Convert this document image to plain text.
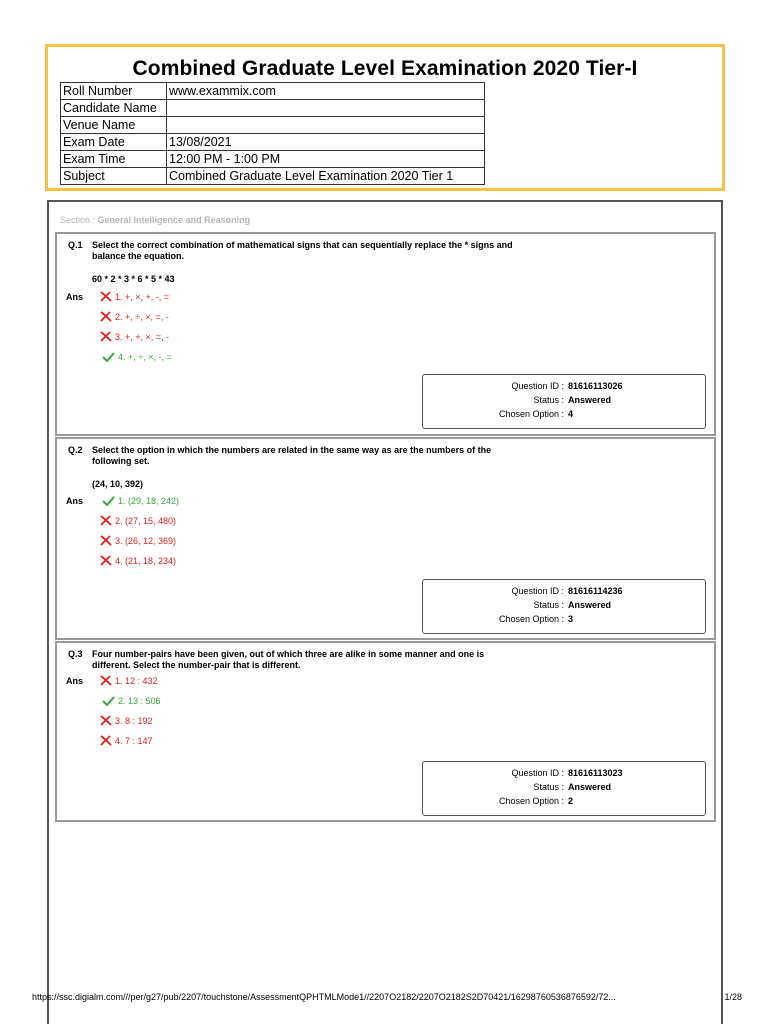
Combined Graduate Level Examination 2020 Tier-I
Roll Number	www.exammix.com
Candidate Name	
Venue Name	
Exam Date	13/08/2021
Exam Time	12:00 PM - 1:00 PM
Subject	Combined Graduate Level Examination 2020 Tier 1
Section : General Intelligence and Reasoning
Q.1 Select the correct combination of mathematical signs that can sequentially replace the * signs and balance the equation.
60 * 2 * 3 * 6 * 5 * 43
Ans	1. +, ×, +, -, =
2. +, ÷, ×, =, -
3. +, +, ×, =, -
4. +, ÷, ×, -, =
Question ID : 81616113026
Status : Answered
Chosen Option : 4
Q.2 Select the option in which the numbers are related in the same way as are the numbers of the following set.
(24, 10, 392)
Ans	1. (29, 18, 242)
2. (27, 15, 480)
3. (26, 12, 369)
4. (21, 18, 234)
Question ID : 81616114236
Status : Answered
Chosen Option : 3
Q.3 Four number-pairs have been given, out of which three are alike in some manner and one is different. Select the number-pair that is different.
Ans	1. 12 : 432
2. 13 : 506
3. 8 : 192
4. 7 : 147
Question ID : 81616113023
Status : Answered
Chosen Option : 2
https://ssc.digialm.com///per/g27/pub/2207/touchstone/AssessmentQPHTMLMode1//2207O2182/2207O2182S2D70421/16298760536876592/72...	1/28
